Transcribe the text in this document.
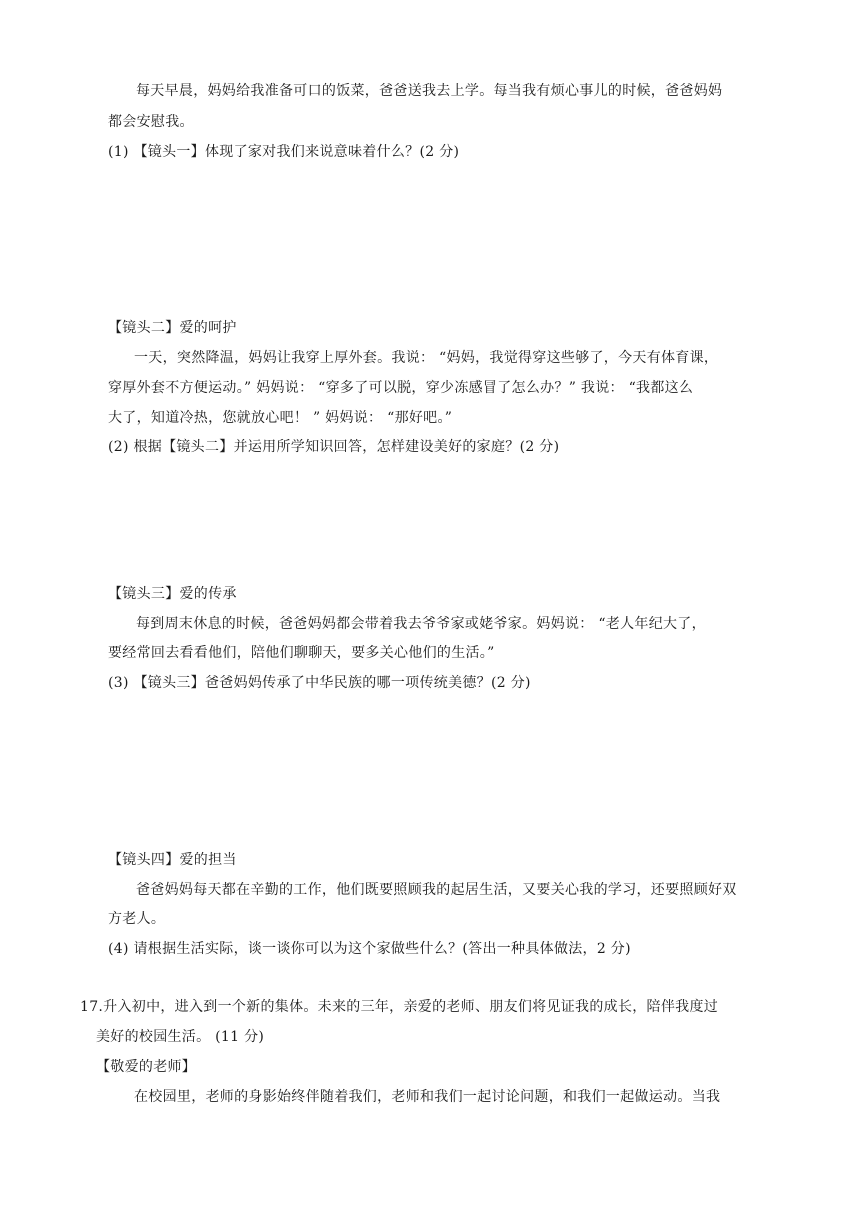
每天早晨，妈妈给我准备可口的饭菜，爸爸送我去上学。每当我有烦心事儿的时候，爸爸妈妈
都会安慰我。
(1) 【镜头一】体现了家对我们来说意味着什么？(2 分)
【镜头二】爱的呵护
一天，突然降温，妈妈让我穿上厚外套。我说： “妈妈，我觉得穿这些够了，今天有体育课，
穿厚外套不方便运动。” 妈妈说： “穿多了可以脱，穿少冻感冒了怎么办？” 我说： “我都这么
大了，知道冷热，您就放心吧！ ” 妈妈说： “那好吧。”
(2) 根据【镜头二】并运用所学知识回答，怎样建设美好的家庭？(2 分)
【镜头三】爱的传承
每到周末休息的时候，爸爸妈妈都会带着我去爷爷家或姥爷家。妈妈说： “老人年纪大了，
要经常回去看看他们，陪他们聊聊天，要多关心他们的生活。”
(3) 【镜头三】爸爸妈妈传承了中华民族的哪一项传统美德？(2 分)
【镜头四】爱的担当
爸爸妈妈每天都在辛勤的工作，他们既要照顾我的起居生活，又要关心我的学习，还要照顾好双
方老人。
(4) 请根据生活实际，谈一谈你可以为这个家做些什么？(答出一种具体做法，2 分)
17.升入初中，进入到一个新的集体。未来的三年，亲爱的老师、朋友们将见证我的成长，陪伴我度过
美好的校园生活。 (11 分)
【敬爱的老师】
在校园里，老师的身影始终伴随着我们，老师和我们一起讨论问题，和我们一起做运动。当我
